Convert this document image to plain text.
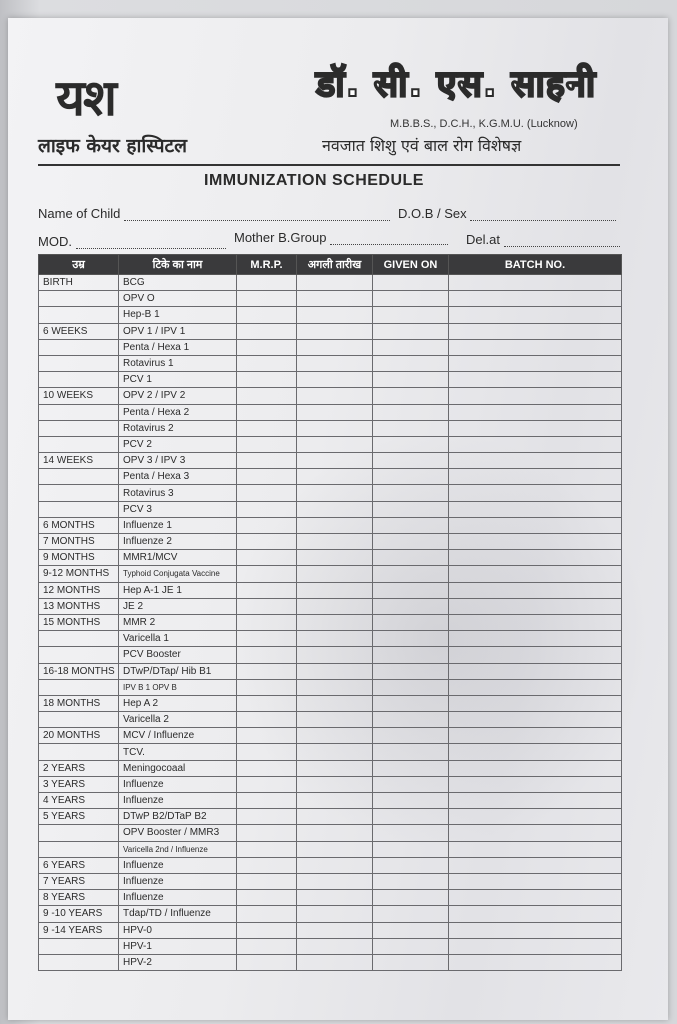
यश
लाइफ केयर हास्पिटल
डॉ. सी. एस. साहनी
M.B.B.S., D.C.H., K.G.M.U. (Lucknow)
नवजात शिशु एवं बाल रोग विशेषज्ञ
IMMUNIZATION SCHEDULE
Name of Child	D.O.B / Sex
MOD.	Mother B.Group	Del.at
उम्र	टिके का नाम	M.R.P.	अगली तारीख	GIVEN ON	BATCH NO.
BIRTH	BCG				
	OPV O				
	Hep-B 1				
6 WEEKS	OPV 1 / IPV 1				
	Penta / Hexa 1				
	Rotavirus 1				
	PCV 1				
10 WEEKS	OPV 2 / IPV 2				
	Penta / Hexa 2				
	Rotavirus 2				
	PCV 2				
14 WEEKS	OPV 3 / IPV 3				
	Penta / Hexa 3				
	Rotavirus 3				
	PCV 3				
6 MONTHS	Influenze 1				
7 MONTHS	Influenze 2				
9 MONTHS	MMR1/MCV				
9-12 MONTHS	Typhoid Conjugata Vaccine				
12 MONTHS	Hep A-1 JE 1				
13 MONTHS	JE 2				
15 MONTHS	MMR 2				
	Varicella 1				
	PCV Booster				
16-18 MONTHS	DTwP/DTap/ Hib B1				
	IPV B 1 OPV B				
18 MONTHS	Hep A 2				
	Varicella 2				
20 MONTHS	MCV / Influenze				
	TCV.				
2 YEARS	Meningocoaal				
3 YEARS	Influenze				
4 YEARS	Influenze				
5 YEARS	DTwP B2/DTaP B2				
	OPV Booster / MMR3				
	Varicella 2nd / Influenze				
6 YEARS	Influenze				
7 YEARS	Influenze				
8 YEARS	Influenze				
9 -10 YEARS	Tdap/TD / Influenze				
9 -14 YEARS	HPV-0				
	HPV-1				
	HPV-2				
